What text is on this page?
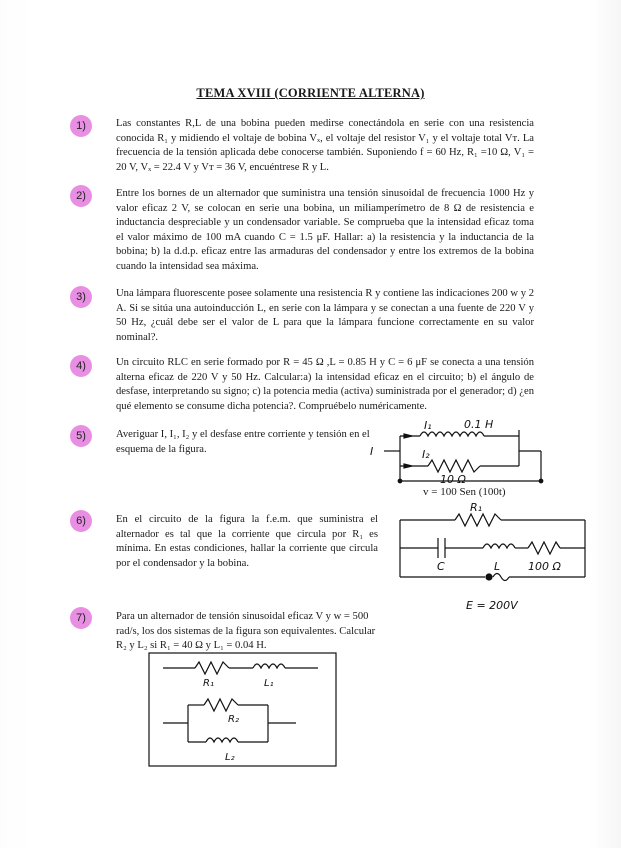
TEMA XVIII (CORRIENTE ALTERNA)
1)
2)
3)
4)
5)
6)
7)
Las constantes R,L de una bobina pueden medirse conectándola en serie con una resistencia conocida R₁ y midiendo el voltaje de bobina Vₓ, el voltaje del resistor V₁ y el voltaje total Vᴛ. La frecuencia de la tensión aplicada debe conocerse también. Suponiendo f = 60 Hz, R₁ =10 Ω, V₁ = 20 V, Vₓ = 22.4 V y Vᴛ = 36 V, encuéntrese R y L.
Entre los bornes de un alternador que suministra una tensión sinusoidal de frecuencia 1000 Hz y valor eficaz 2 V, se colocan en serie una bobina, un miliamperímetro de 8 Ω de resistencia e inductancia despreciable y un condensador variable. Se comprueba que la intensidad eficaz toma el valor máximo de 100 mA cuando C = 1.5 μF. Hallar: a) la resistencia y la inductancia de la bobina; b) la d.d.p. eficaz entre las armaduras del condensador y entre los extremos de la bobina cuando la intensidad sea máxima.
Una lámpara fluorescente posee solamente una resistencia R y contiene las indicaciones 200 w y 2 A. Si se sitúa una autoinducción L, en serie con la lámpara y se conectan a una fuente de 220 V y 50 Hz, ¿cuál debe ser el valor de L para que la lámpara funcione correctamente en su valor nominal?.
Un circuito RLC en serie formado por R = 45 Ω ,L = 0.85 H y C = 6 μF se conecta a una tensión alterna eficaz de 220 V y 50 Hz. Calcular:a) la intensidad eficaz en el circuito; b) el ángulo de desfase, interpretando su signo; c) la potencia media (activa) suministrada por el generador; d) ¿en qué elemento se consume dicha potencia?. Compruébelo numéricamente.
Averiguar I, I₁, I₂ y el desfase entre corriente y tensión en el esquema de la figura.
En el circuito de la figura la f.e.m. que suministra el alternador es tal que la corriente que circula por R₁ es mínima. En estas condiciones, hallar la corriente que circula por el condensador y la bobina.
Para un alternador de tensión sinusoidal eficaz V y w = 500 rad/s, los dos sistemas de la figura son equivalentes. Calcular R₂ y L₂ si R₁ = 40 Ω y L₁ = 0.04 H.
v = 100 Sen (100t)
I
I₁	0.1 H
I₂
10 Ω
R₁
C	L	100 Ω
E = 200V
R₁	L₁
R₂
L₂
